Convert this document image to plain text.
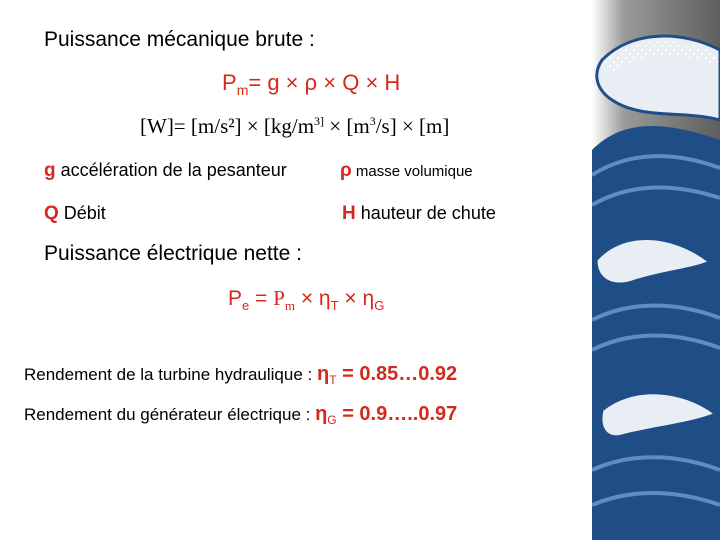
Puissance mécanique brute :
$P_m= g \times \rho \times Q \times H$
$[W]= [m/s^2] \times [kg/m^{3]} \times [m^3/s] \times [m]$
g accélération de la pesanteur	ρ masse volumique
Q Débit	H hauteur de chute
Puissance électrique nette :
$P_e = P_m \times \eta_T \times \eta_G$
Rendement de la turbine hydraulique : $\eta_T$ = 0.85…0.92
Rendement du générateur électrique : $\eta_G$ = 0.9…..0.97
